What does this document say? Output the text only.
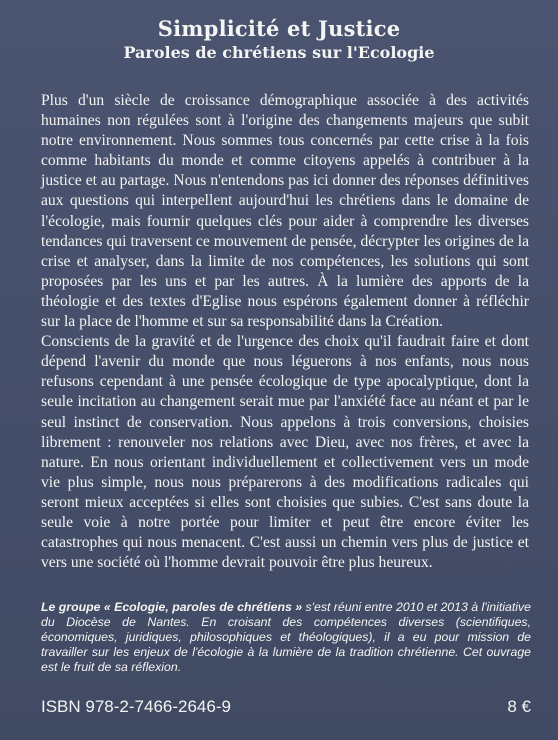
Simplicité et Justice
Paroles de chrétiens sur l'Ecologie

Plus d'un siècle de croissance démographique associée à des activités humaines non régulées sont à l'origine des changements majeurs que subit notre environnement. Nous sommes tous concernés par cette crise à la fois comme habitants du monde et comme citoyens appelés à contribuer à la justice et au partage. Nous n'entendons pas ici donner des réponses définitives aux questions qui interpellent aujourd'hui les chrétiens dans le domaine de l'écologie, mais fournir quelques clés pour aider à comprendre les diverses tendances qui traversent ce mouvement de pensée, décrypter les origines de la crise et analyser, dans la limite de nos compétences, les solutions qui sont proposées par les uns et par les autres. À la lumière des apports de la théologie et des textes d'Eglise nous espérons également donner à réfléchir sur la place de l'homme et sur sa responsabilité dans la Création.

Conscients de la gravité et de l'urgence des choix qu'il faudrait faire et dont dépend l'avenir du monde que nous léguerons à nos enfants, nous nous refusons cependant à une pensée écologique de type apocalyptique, dont la seule incitation au changement serait mue par l'anxiété face au néant et par le seul instinct de conservation. Nous appelons à trois conversions, choisies librement : renouveler nos relations avec Dieu, avec nos frères, et avec la nature. En nous orientant individuellement et collectivement vers un mode vie plus simple, nous nous préparerons à des modifications radicales qui seront mieux acceptées si elles sont choisies que subies. C'est sans doute la seule voie à notre portée pour limiter et peut être encore éviter les catastrophes qui nous menacent. C'est aussi un chemin vers plus de justice et vers une société où l'homme devrait pouvoir être plus heureux.

Le groupe « Ecologie, paroles de chrétiens » s'est réuni entre 2010 et 2013 à l'initiative du Diocèse de Nantes. En croisant des compétences diverses (scientifiques, économiques, juridiques, philosophiques et théologiques), il a eu pour mission de travailler sur les enjeux de l'écologie à la lumière de la tradition chrétienne. Cet ouvrage est le fruit de sa réflexion.
ISBN 978-2-7466-2646-9	8 €
